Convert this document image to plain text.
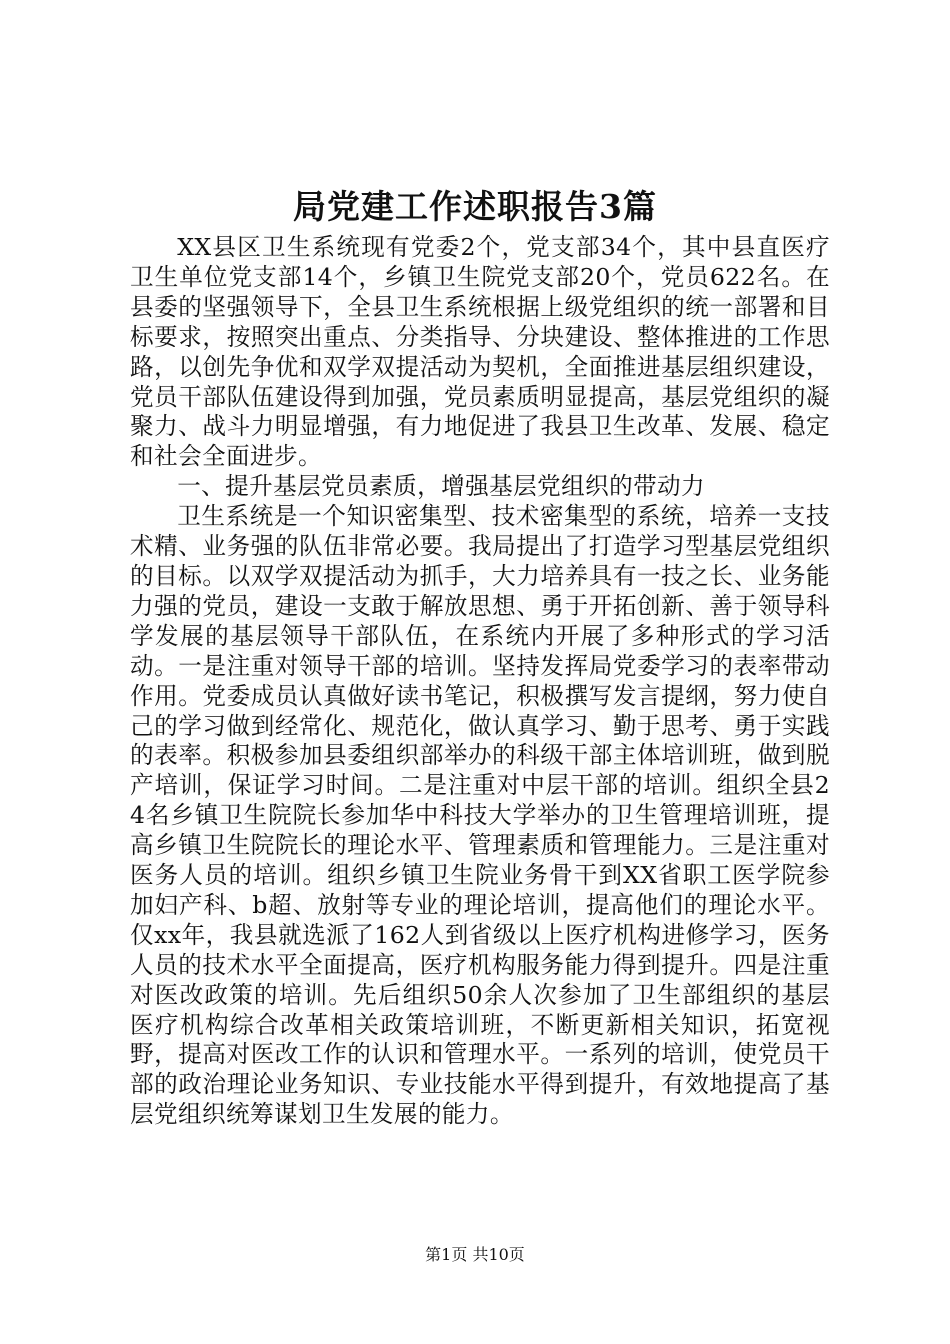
局党建工作述职报告3篇

XX县区卫生系统现有党委2个，党支部34个，其中县直医疗卫生单位党支部14个，乡镇卫生院党支部20个，党员622名。在县委的坚强领导下，全县卫生系统根据上级党组织的统一部署和目标要求，按照突出重点、分类指导、分块建设、整体推进的工作思路，以创先争优和双学双提活动为契机，全面推进基层组织建设，党员干部队伍建设得到加强，党员素质明显提高，基层党组织的凝聚力、战斗力明显增强，有力地促进了我县卫生改革、发展、稳定和社会全面进步。

一、提升基层党员素质，增强基层党组织的带动力

卫生系统是一个知识密集型、技术密集型的系统，培养一支技术精、业务强的队伍非常必要。我局提出了打造学习型基层党组织的目标。以双学双提活动为抓手，大力培养具有一技之长、业务能力强的党员，建设一支敢于解放思想、勇于开拓创新、善于领导科学发展的基层领导干部队伍，在系统内开展了多种形式的学习活动。一是注重对领导干部的培训。坚持发挥局党委学习的表率带动作用。党委成员认真做好读书笔记，积极撰写发言提纲，努力使自己的学习做到经常化、规范化，做认真学习、勤于思考、勇于实践的表率。积极参加县委组织部举办的科级干部主体培训班，做到脱产培训，保证学习时间。二是注重对中层干部的培训。组织全县24名乡镇卫生院院长参加华中科技大学举办的卫生管理培训班，提高乡镇卫生院院长的理论水平、管理素质和管理能力。三是注重对医务人员的培训。组织乡镇卫生院业务骨干到XX省职工医学院参加妇产科、b超、放射等专业的理论培训，提高他们的理论水平。仅xx年，我县就选派了162人到省级以上医疗机构进修学习，医务人员的技术水平全面提高，医疗机构服务能力得到提升。四是注重对医改政策的培训。先后组织50余人次参加了卫生部组织的基层医疗机构综合改革相关政策培训班，不断更新相关知识，拓宽视野，提高对医改工作的认识和管理水平。一系列的培训，使党员干部的政治理论业务知识、专业技能水平得到提升，有效地提高了基层党组织统筹谋划卫生发展的能力。

第1页 共10页
